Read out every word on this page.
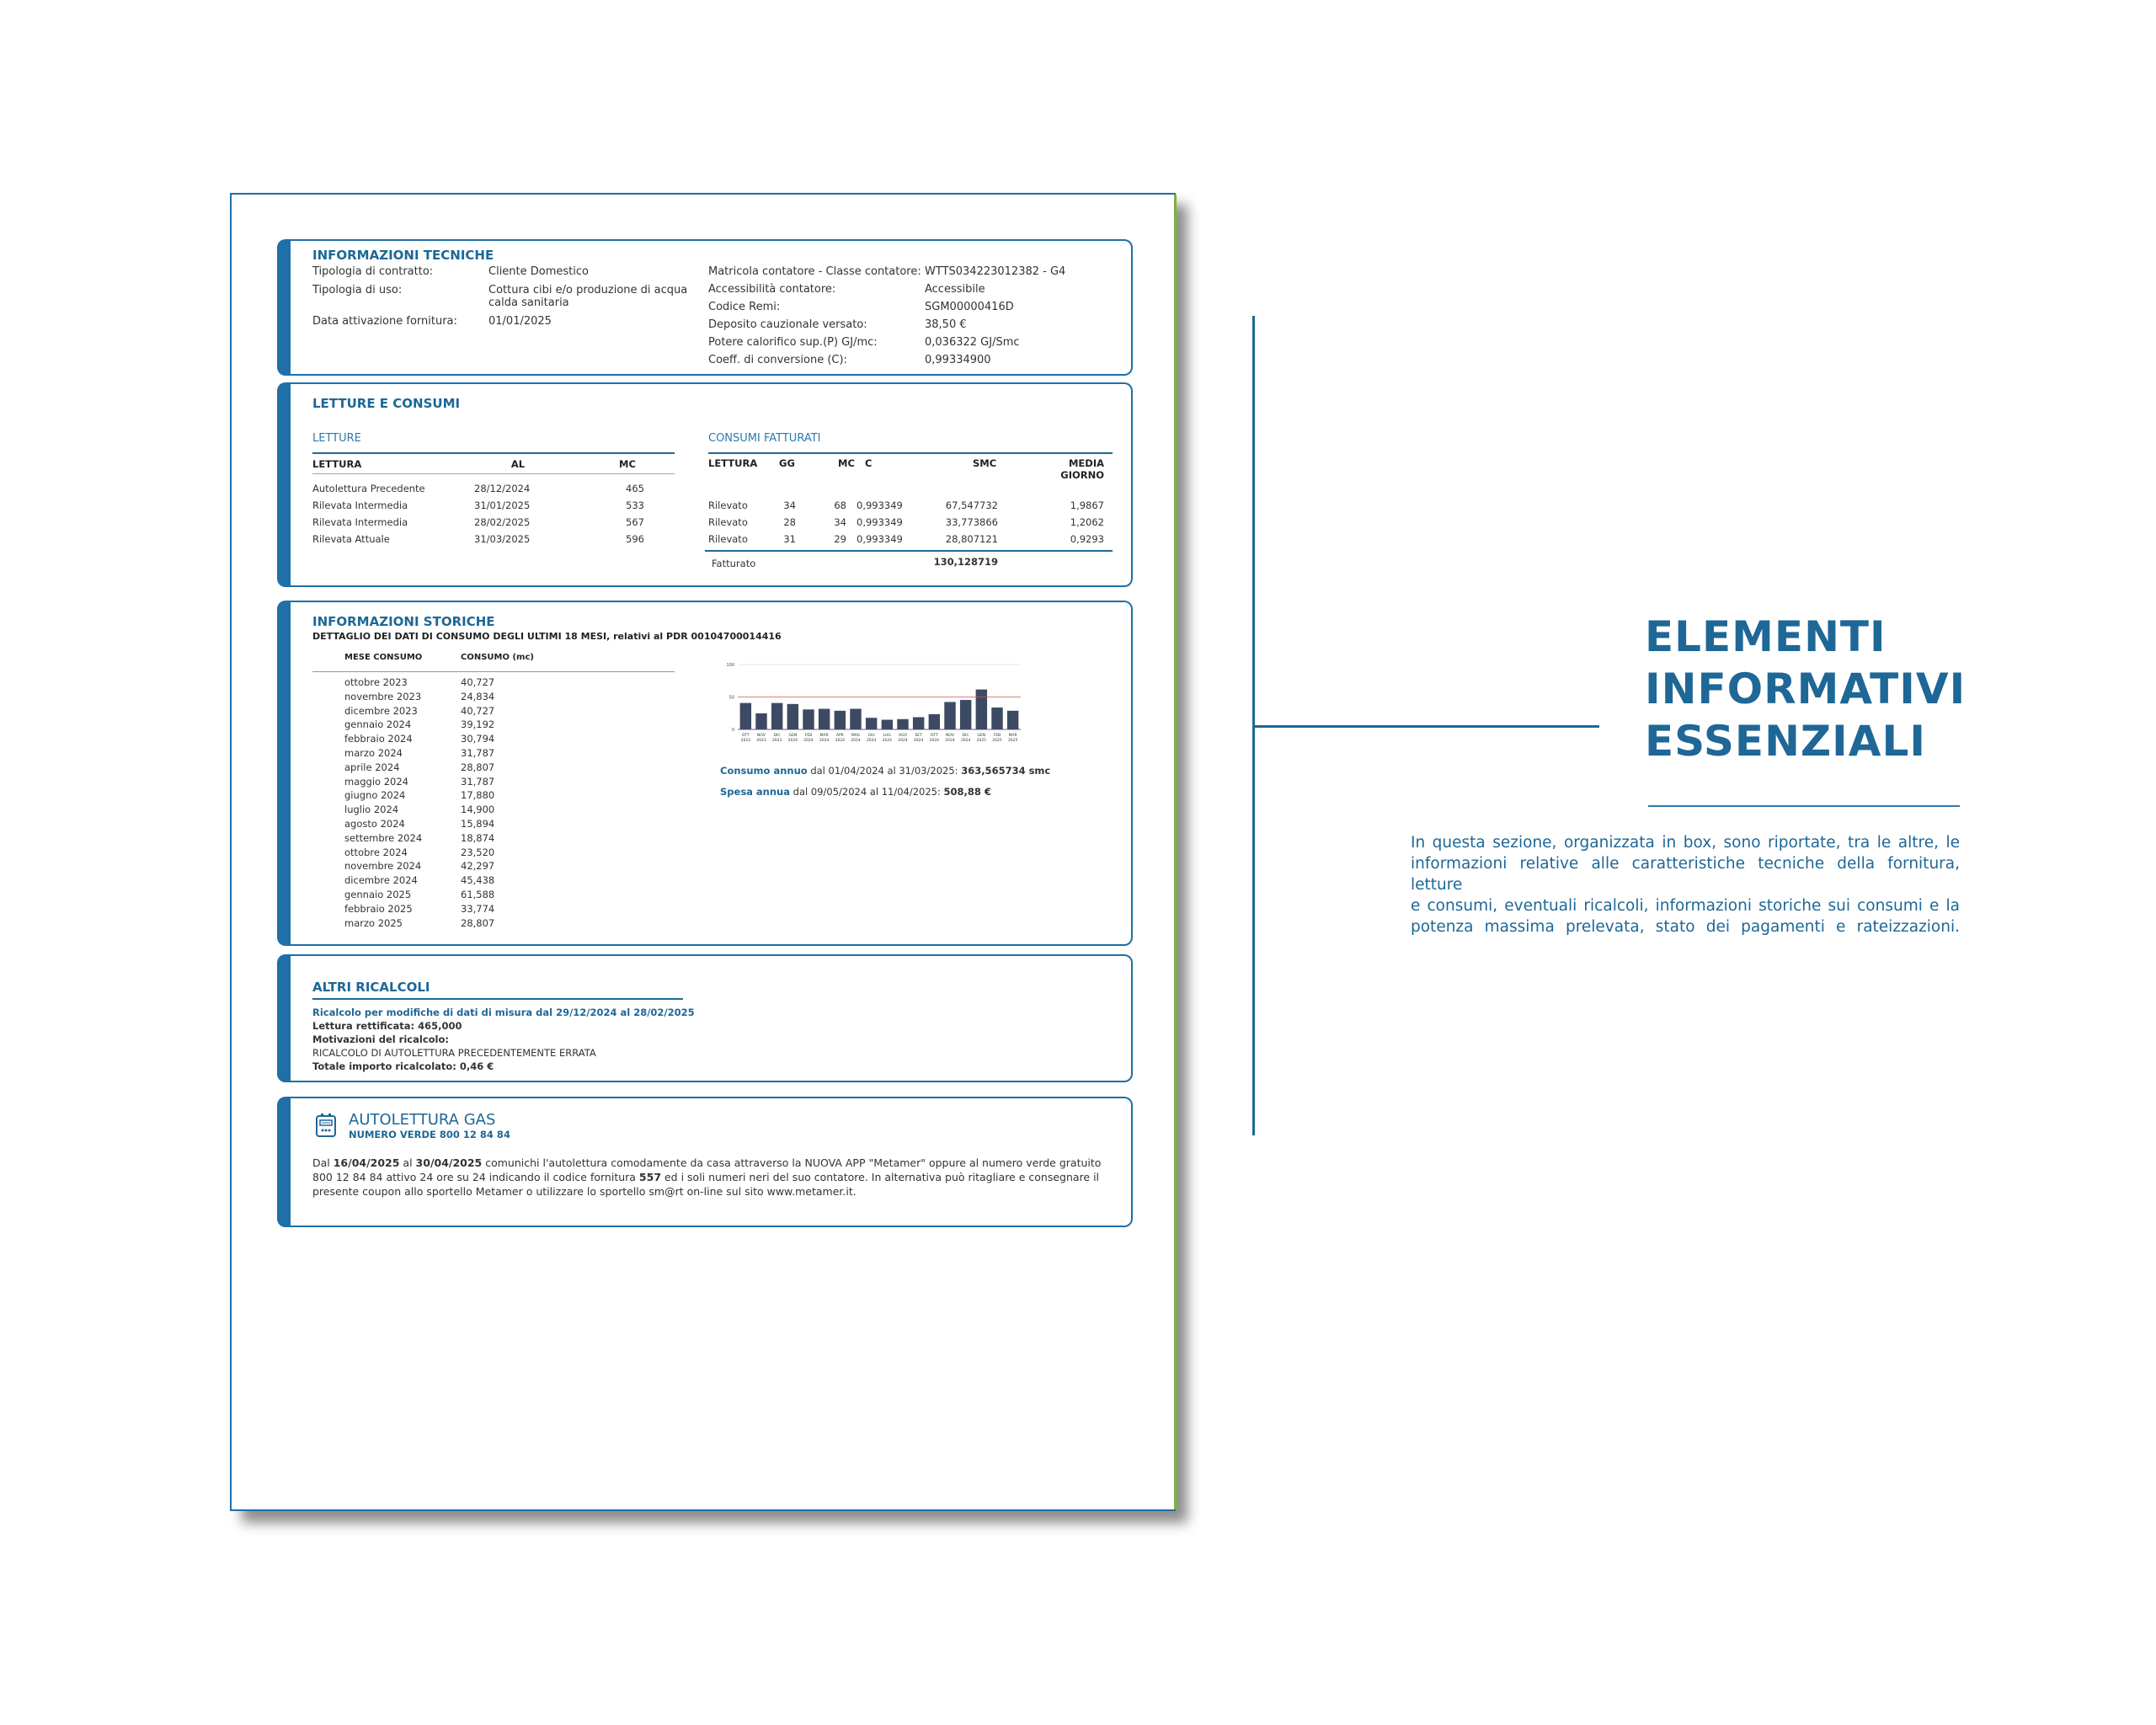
ELEMENTI
INFORMATIVI
ESSENZIALI
In questa sezione, organizzata in box, sono riportate, tra le altre, le
informazioni relative alle caratteristiche tecniche della fornitura, letture
e consumi, eventuali ricalcoli, informazioni storiche sui consumi e la
potenza massima prelevata, stato dei pagamenti e rateizzazioni.
INFORMAZIONI TECNICHE
Tipologia di contratto:	Cliente Domestico
Tipologia di uso:	Cottura cibi e/o produzione di acqua calda sanitaria
Data attivazione fornitura:	01/01/2025
Matricola contatore - Classe contatore: WTTS034223012382 - G4
Accessibilità contatore:	Accessibile
Codice Remi:	SGM00000416D
Deposito cauzionale versato:	38,50 €
Potere calorifico sup.(P) GJ/mc:	0,036322 GJ/Smc
Coeff. di conversione (C):	0,99334900
LETTURE E CONSUMI
LETTURE
LETTURA	AL	MC
Autolettura Precedente	28/12/2024	465
Rilevata Intermedia	31/01/2025	533
Rilevata Intermedia	28/02/2025	567
Rilevata Attuale	31/03/2025	596
CONSUMI FATTURATI
LETTURA GG	MC C	SMC	MEDIA GIORNO
Rilevato	34	68 0,993349	67,547732	1,9867
Rilevato	28	34 0,993349	33,773866	1,2062
Rilevato	31	29 0,993349	28,807121	0,9293
Fatturato	130,128719
INFORMAZIONI STORICHE
DETTAGLIO DEI DATI DI CONSUMO DEGLI ULTIMI 18 MESI, relativi al PDR 00104700014416
MESE CONSUMO	CONSUMO (mc)
ottobre 2023	40,727
novembre 2023	24,834
dicembre 2023	40,727
gennaio 2024	39,192
febbraio 2024	30,794
marzo 2024	31,787
aprile 2024	28,807
maggio 2024	31,787
giugno 2024	17,880
luglio 2024	14,900
agosto 2024	15,894
settembre 2024	18,874
ottobre 2024	23,520
novembre 2024	42,297
dicembre 2024	45,438
gennaio 2025	61,588
febbraio 2025	33,774
marzo 2025	28,807
0
50
100
OTT
2023
NOV
2023
DIC
2023
GEN
2024
FEB
2024
MAR
2024
APR
2024
MAG
2024
GIU
2024
LUG
2024
AGO
2024
SET
2024
OTT
2024
NOV
2024
DIC
2024
GEN
2025
FEB
2025
MAR
2025
Consumo annuo dal 01/04/2024 al 31/03/2025: 363,565734 smc
Spesa annua dal 09/05/2024 al 11/04/2025: 508,88 €
ALTRI RICALCOLI
Ricalcolo per modifiche di dati di misura dal 29/12/2024 al 28/02/2025
Lettura rettificata: 465,000
Motivazioni del ricalcolo:
RICALCOLO DI AUTOLETTURA PRECEDENTEMENTE ERRATA
Totale importo ricalcolato: 0,46 €
AUTOLETTURA GAS
NUMERO VERDE 800 12 84 84
Dal 16/04/2025 al 30/04/2025 comunichi l'autolettura comodamente da casa attraverso la NUOVA APP "Metamer" oppure al numero verde gratuito
800 12 84 84 attivo 24 ore su 24 indicando il codice fornitura 557 ed i soli numeri neri del suo contatore. In alternativa può ritagliare e consegnare il
presente coupon allo sportello Metamer o utilizzare lo sportello sm@rt on-line sul sito www.metamer.it.
